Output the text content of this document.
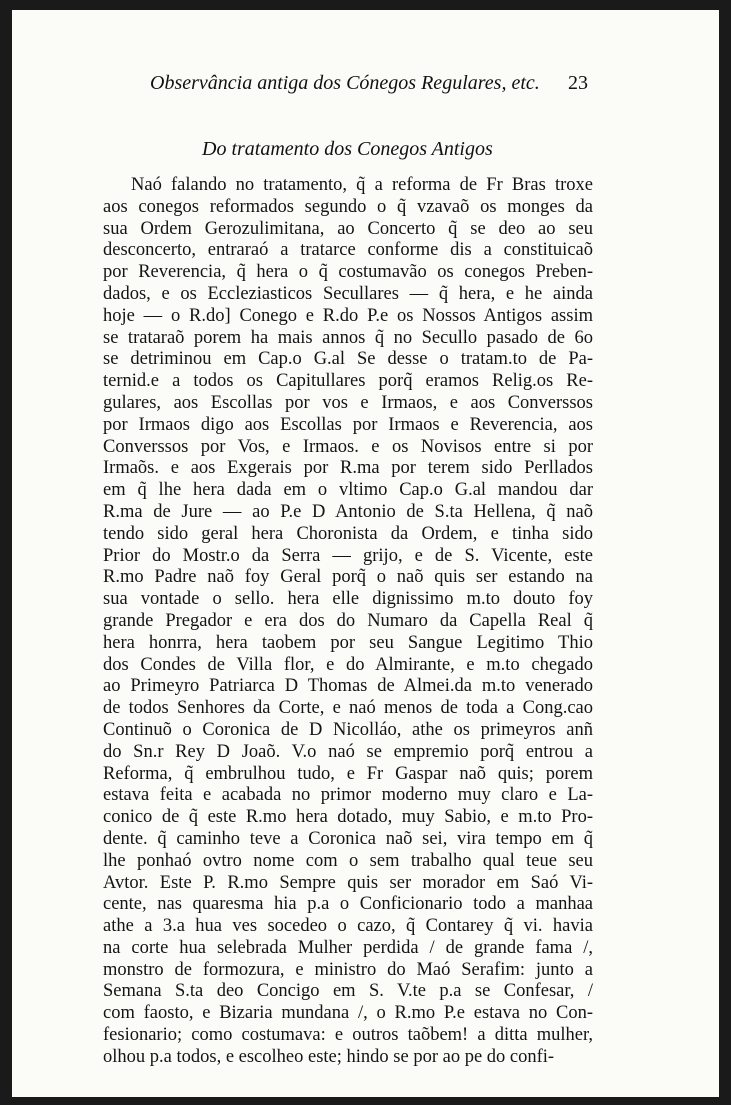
Observância antiga dos Cónegos Regulares, etc.	23
Do tratamento dos Conegos Antigos
Naó falando no tratamento, q̃ a reforma de Fr Bras troxe
aos conegos reformados segundo o q̃ vzavaõ os monges da
sua Ordem Gerozulimitana, ao Concerto q̃ se deo ao seu
desconcerto, entraraó a tratarce conforme dis a constituicaõ
por Reverencia, q̃ hera o q̃ costumavão os conegos Preben-
dados, e os Eccleziasticos Secullares — q̃ hera, e he ainda
hoje — o R.do] Conego e R.do P.e os Nossos Antigos assim
se trataraõ porem ha mais annos q̃ no Secullo pasado de 6o
se detriminou em Cap.o G.al Se desse o tratam.to de Pa-
ternid.e a todos os Capitullares porq̃ eramos Relig.os Re-
gulares, aos Escollas por vos e Irmaos, e aos Converssos
por Irmaos digo aos Escollas por Irmaos e Reverencia, aos
Converssos por Vos, e Irmaos. e os Novisos entre si por
Irmaõs. e aos Exgerais por R.ma por terem sido Perllados
em q̃ lhe hera dada em o vltimo Cap.o G.al mandou dar
R.ma de Jure — ao P.e D Antonio de S.ta Hellena, q̃ naõ
tendo sido geral hera Choronista da Ordem, e tinha sido
Prior do Mostr.o da Serra — grijo, e de S. Vicente, este
R.mo Padre naõ foy Geral porq̃ o naõ quis ser estando na
sua vontade o sello. hera elle dignissimo m.to douto foy
grande Pregador e era dos do Numaro da Capella Real q̃
hera honrra, hera taobem por seu Sangue Legitimo Thio
dos Condes de Villa flor, e do Almirante, e m.to chegado
ao Primeyro Patriarca D Thomas de Almei.da m.to venerado
de todos Senhores da Corte, e naó menos de toda a Cong.cao
Continuõ o Coronica de D Nicolláo, athe os primeyros anñ
do Sn.r Rey D Joaõ. V.o naó se empremio porq̃ entrou a
Reforma, q̃ embrulhou tudo, e Fr Gaspar naõ quis; porem
estava feita e acabada no primor moderno muy claro e La-
conico de q̃ este R.mo hera dotado, muy Sabio, e m.to Pro-
dente. q̃ caminho teve a Coronica naõ sei, vira tempo em q̃
lhe ponhaó ovtro nome com o sem trabalho qual teue seu
Avtor. Este P. R.mo Sempre quis ser morador em Saó Vi-
cente, nas quaresma hia p.a o Conficionario todo a manhaa
athe a 3.a hua ves socedeo o cazo, q̃ Contarey q̃ vi. havia
na corte hua selebrada Mulher perdida / de grande fama /,
monstro de formozura, e ministro do Maó Serafim: junto a
Semana S.ta deo Concigo em S. V.te p.a se Confesar, /
com faosto, e Bizaria mundana /, o R.mo P.e estava no Con-
fesionario; como costumava: e outros taõbem! a ditta mulher,
olhou p.a todos, e escolheo este; hindo se por ao pe do confi-
